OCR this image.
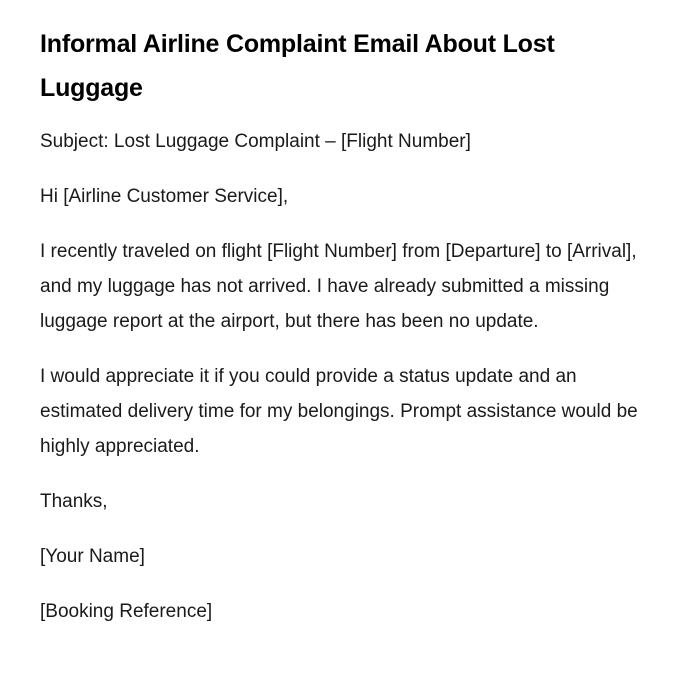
Informal Airline Complaint Email About Lost Luggage

Subject: Lost Luggage Complaint – [Flight Number]

Hi [Airline Customer Service],

I recently traveled on flight [Flight Number] from [Departure] to [Arrival], and my luggage has not arrived. I have already submitted a missing luggage report at the airport, but there has been no update.

I would appreciate it if you could provide a status update and an estimated delivery time for my belongings. Prompt assistance would be highly appreciated.

Thanks,

[Your Name]

[Booking Reference]
